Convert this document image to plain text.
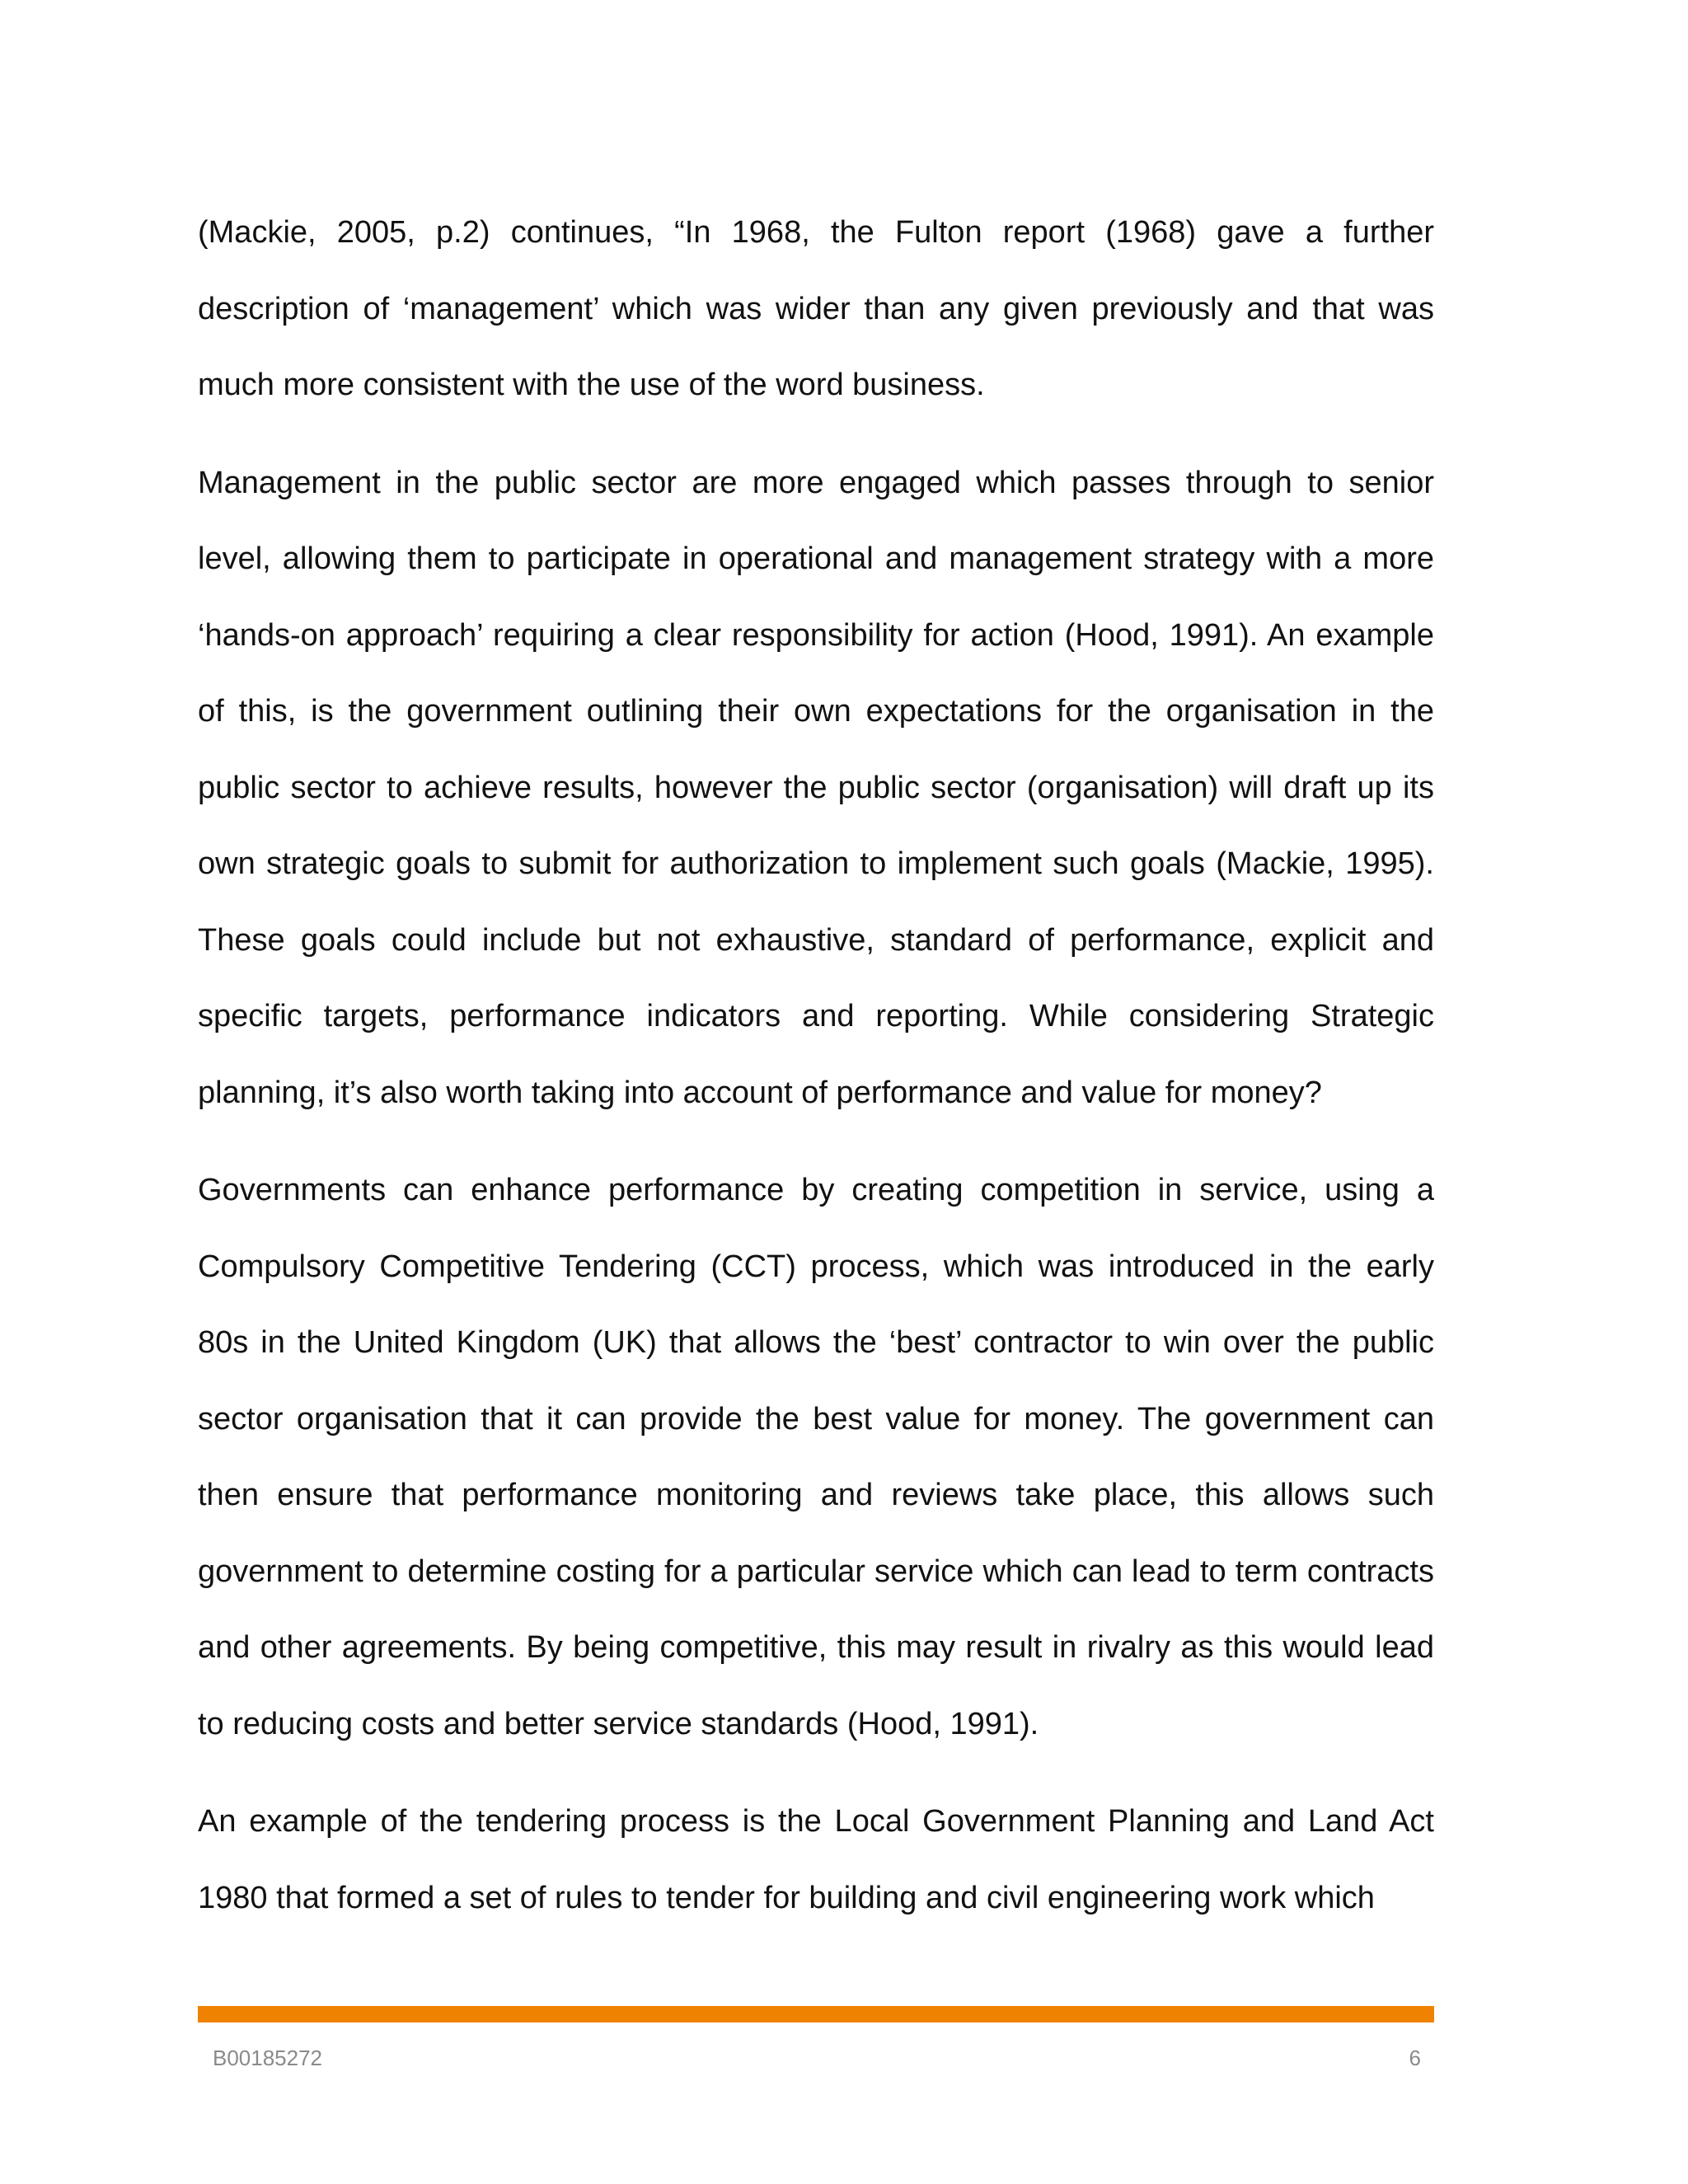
(Mackie, 2005, p.2) continues, “In 1968, the Fulton report (1968) gave a further description of ‘management’ which was wider than any given previously and that was much more consistent with the use of the word business.

Management in the public sector are more engaged which passes through to senior level, allowing them to participate in operational and management strategy with a more ‘hands-on approach’ requiring a clear responsibility for action (Hood, 1991). An example of this, is the government outlining their own expectations for the organisation in the public sector to achieve results, however the public sector (organisation) will draft up its own strategic goals to submit for authorization to implement such goals (Mackie, 1995). These goals could include but not exhaustive, standard of performance, explicit and specific targets, performance indicators and reporting. While considering Strategic planning, it’s also worth taking into account of performance and value for money?

Governments can enhance performance by creating competition in service, using a Compulsory Competitive Tendering (CCT) process, which was introduced in the early 80s in the United Kingdom (UK) that allows the ‘best’ contractor to win over the public sector organisation that it can provide the best value for money. The government can then ensure that performance monitoring and reviews take place, this allows such government to determine costing for a particular service which can lead to term contracts and other agreements. By being competitive, this may result in rivalry as this would lead to reducing costs and better service standards (Hood, 1991).

An example of the tendering process is the Local Government Planning and Land Act 1980 that formed a set of rules to tender for building and civil engineering work which

B00185272	6
